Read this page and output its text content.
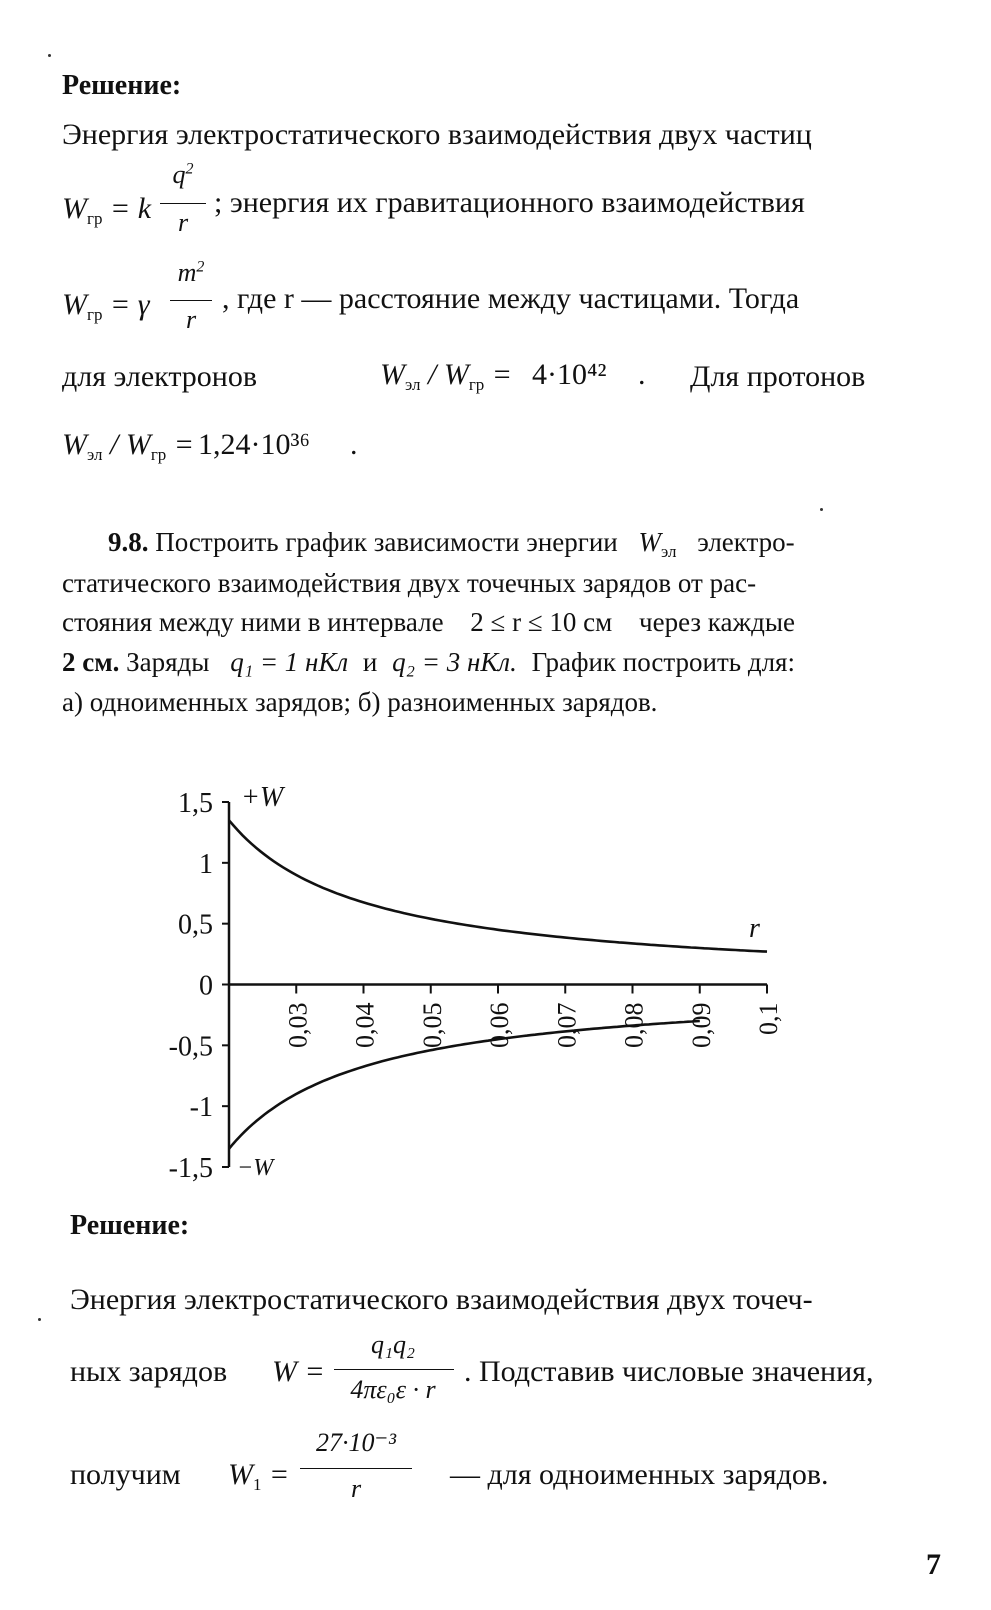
Решение:
Энергия электростатического взаимодействия двух частиц
$W_{гр} = k$
$q^2$
r
; энергия их гравитационного взаимодействия
$W_{гр} = \gamma$
$m^2$
r
, где r — расстояние между частицами. Тогда
для электронов	$W_{эл} / W_{гр} = 4\cdot 10^{42}$ . Для протонов
$W_{эл} / W_{гр} = 1,24\cdot 10^{36}$ .
9.8. Построить график зависимости энергии $W_{эл}$ электро-
статического взаимодействия двух точечных зарядов от рас-
стояния между ними в интервале 2 ≤ r ≤ 10 см через каждые
2 см. Заряды q₁ = 1 нКл и q₂ = 3 нКл. График построить для:
а) одноименных зарядов; б) разноименных зарядов.
1,5
1
0,5
0
-0,5
-1
-1,5
0,03 0,04 0,05 0,06 0,07 0,08 0,09 0,1
+W
−W
r
Решение:
Энергия электростатического взаимодействия двух точеч-
ных зарядов W =
q₁q₂
4πε₀ε · r
. Подставив числовые значения,
получим $W_1$ =
27·10⁻³
r	— для одноименных зарядов.
7
